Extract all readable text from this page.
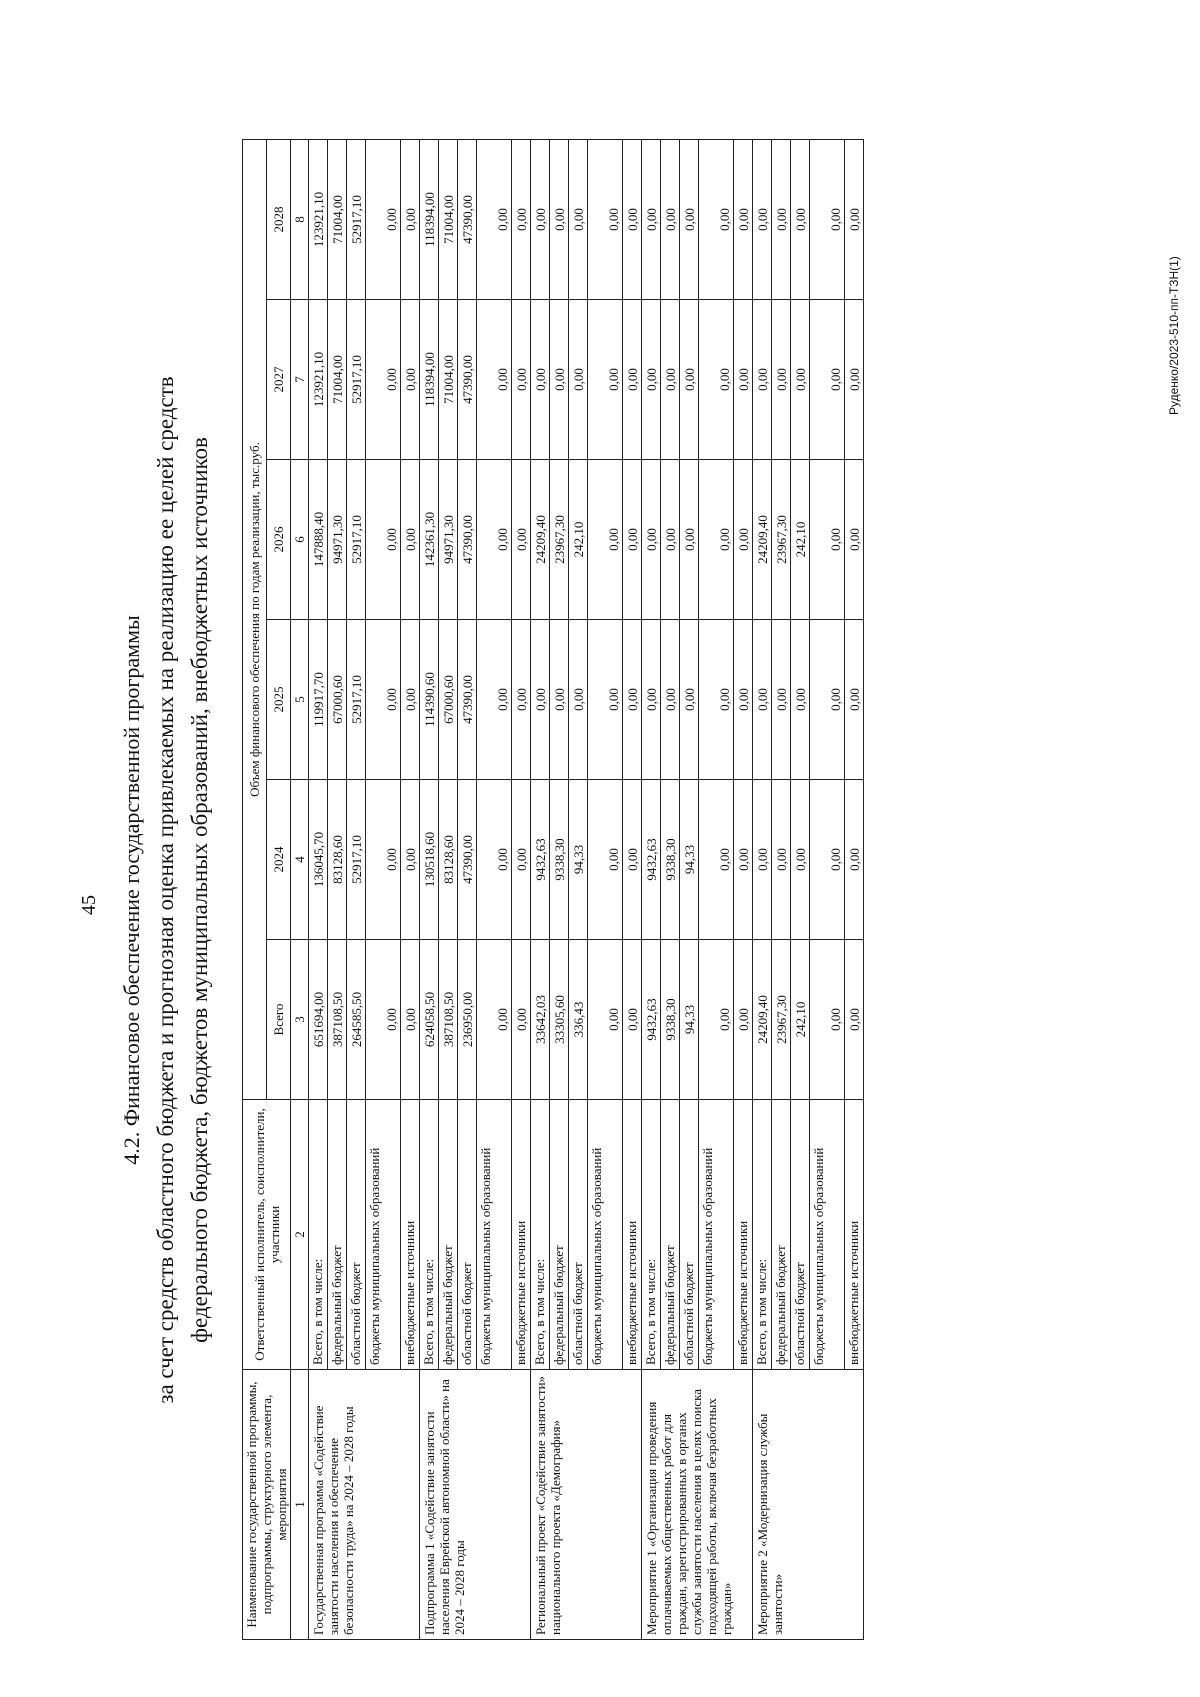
45
Руденко/2023-510-пп-ТЗН(1)
4.2. Финансовое обеспечение государственной программы за счет средств областного бюджета и прогнозная оценка привлекаемых на реализацию ее целей средств федерального бюджета, бюджетов муниципальных образований, внебюджетных источников
Наименование государственной программы, подпрограммы, структурного элемента, мероприятия	Ответственный исполнитель, соисполнители, участники	Объем финансового обеспечения по годам реализации, тыс.руб.					
		Всего	2024	2025	2026	2027	2028
1	2	3	4	5	6	7	8
Государственная программа «Содействие занятости населения и обеспечение безопасности труда» на 2024 – 2028 годы	Всего, в том числе:	651694,00	136045,70	119917,70	147888,40	123921,10	123921,10
	федеральный бюджет	387108,50	83128,60	67000,60	94971,30	71004,00	71004,00
	областной бюджет	264585,50	52917,10	52917,10	52917,10	52917,10	52917,10
	бюджеты муниципальных образований	0,00	0,00	0,00	0,00	0,00	0,00
	внебюджетные источники	0,00	0,00	0,00	0,00	0,00	0,00
Подпрограмма 1 «Содействие занятости населения Еврейской автономной области» на 2024 – 2028 годы	Всего, в том числе:	624058,50	130518,60	114390,60	142361,30	118394,00	118394,00
	федеральный бюджет	387108,50	83128,60	67000,60	94971,30	71004,00	71004,00
	областной бюджет	236950,00	47390,00	47390,00	47390,00	47390,00	47390,00
	бюджеты муниципальных образований	0,00	0,00	0,00	0,00	0,00	0,00
	внебюджетные источники	0,00	0,00	0,00	0,00	0,00	0,00
Региональный проект «Содействие занятости» национального проекта «Демография»	Всего, в том числе:	33642,03	9432,63	0,00	24209,40	0,00	0,00
	федеральный бюджет	33305,60	9338,30	0,00	23967,30	0,00	0,00
	областной бюджет	336,43	94,33	0,00	242,10	0,00	0,00
	бюджеты муниципальных образований	0,00	0,00	0,00	0,00	0,00	0,00
	внебюджетные источники	0,00	0,00	0,00	0,00	0,00	0,00
Мероприятие 1 «Организация проведения оплачиваемых общественных работ для граждан, зарегистрированных в органах службы занятости населения в целях поиска подходящей работы, включая безработных граждан»	Всего, в том числе:	9432,63	9432,63	0,00	0,00	0,00	0,00
	федеральный бюджет	9338,30	9338,30	0,00	0,00	0,00	0,00
	областной бюджет	94,33	94,33	0,00	0,00	0,00	0,00
	бюджеты муниципальных образований	0,00	0,00	0,00	0,00	0,00	0,00
	внебюджетные источники	0,00	0,00	0,00	0,00	0,00	0,00
Мероприятие 2 «Модернизация службы занятости»	Всего, в том числе:	24209,40	0,00	0,00	24209,40	0,00	0,00
	федеральный бюджет	23967,30	0,00	0,00	23967,30	0,00	0,00
	областной бюджет	242,10	0,00	0,00	242,10	0,00	0,00
	бюджеты муниципальных образований	0,00	0,00	0,00	0,00	0,00	0,00
	внебюджетные источники	0,00	0,00	0,00	0,00	0,00	0,00
